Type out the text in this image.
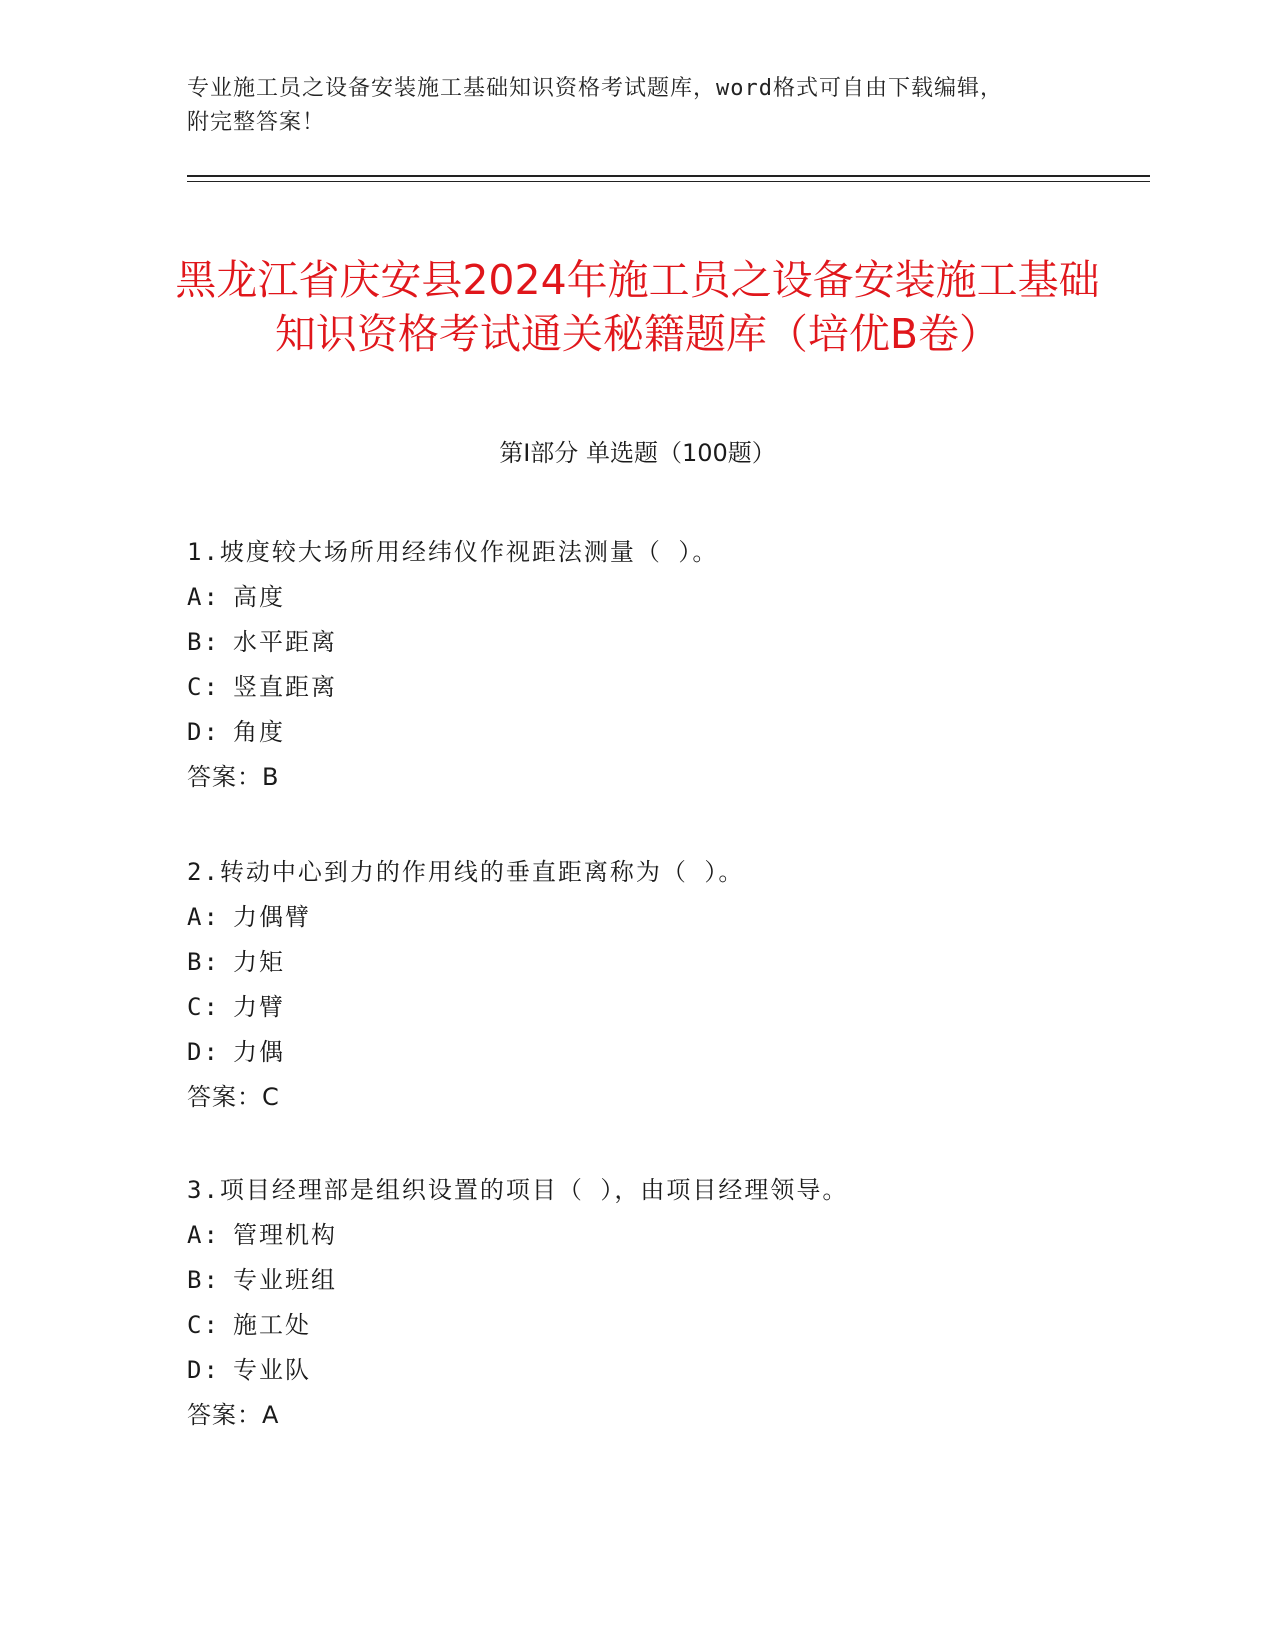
专业施工员之设备安装施工基础知识资格考试题库，word格式可自由下载编辑，
附完整答案！
黑龙江省庆安县2024年施工员之设备安装施工基础知识资格考试通关秘籍题库（培优B卷）
第I部分 单选题（100题）
1.坡度较大场所用经纬仪作视距法测量（ ）。
A: 高度
B: 水平距离
C: 竖直距离
D: 角度
答案：B
2.转动中心到力的作用线的垂直距离称为（ ）。
A: 力偶臂
B: 力矩
C: 力臂
D: 力偶
答案：C
3.项目经理部是组织设置的项目（ ），由项目经理领导。
A: 管理机构
B: 专业班组
C: 施工处
D: 专业队
答案：A
